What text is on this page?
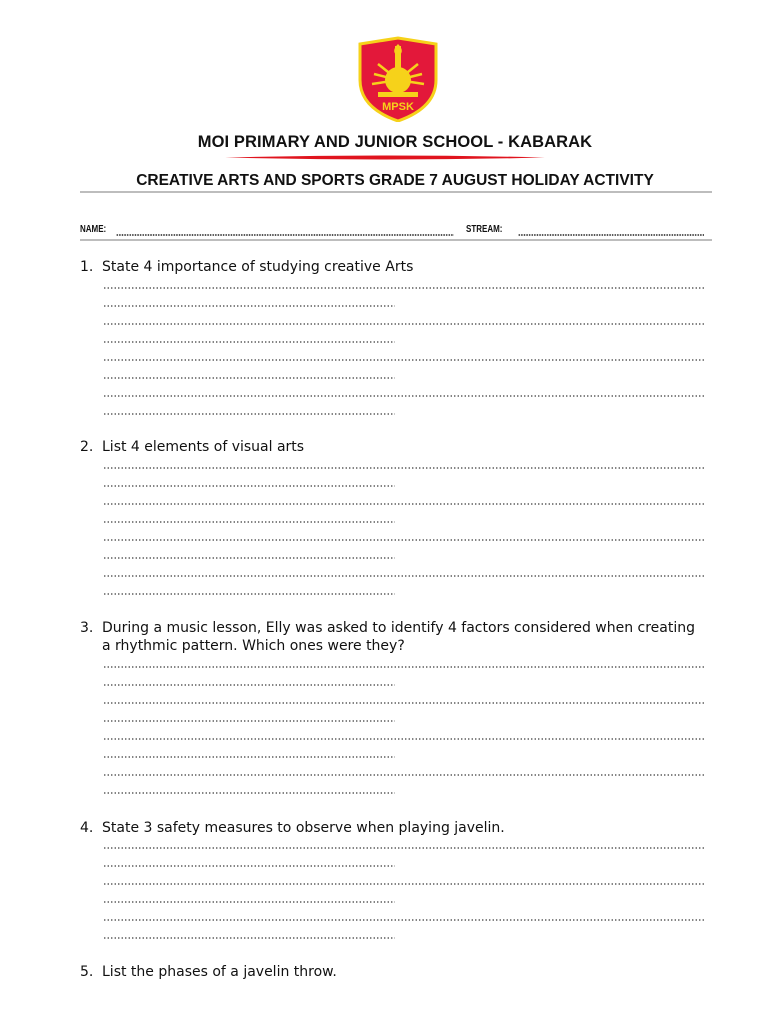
MPSK
MOI PRIMARY AND JUNIOR SCHOOL - KABARAK
CREATIVE ARTS AND SPORTS GRADE 7 AUGUST HOLIDAY ACTIVITY
NAME:	STREAM:
1. State 4 importance of studying creative Arts
2. List 4 elements of visual arts
3. During a music lesson, Elly was asked to identify 4 factors considered when creating a rhythmic pattern. Which ones were they?
4. State 3 safety measures to observe when playing javelin.
5. List the phases of a javelin throw.
